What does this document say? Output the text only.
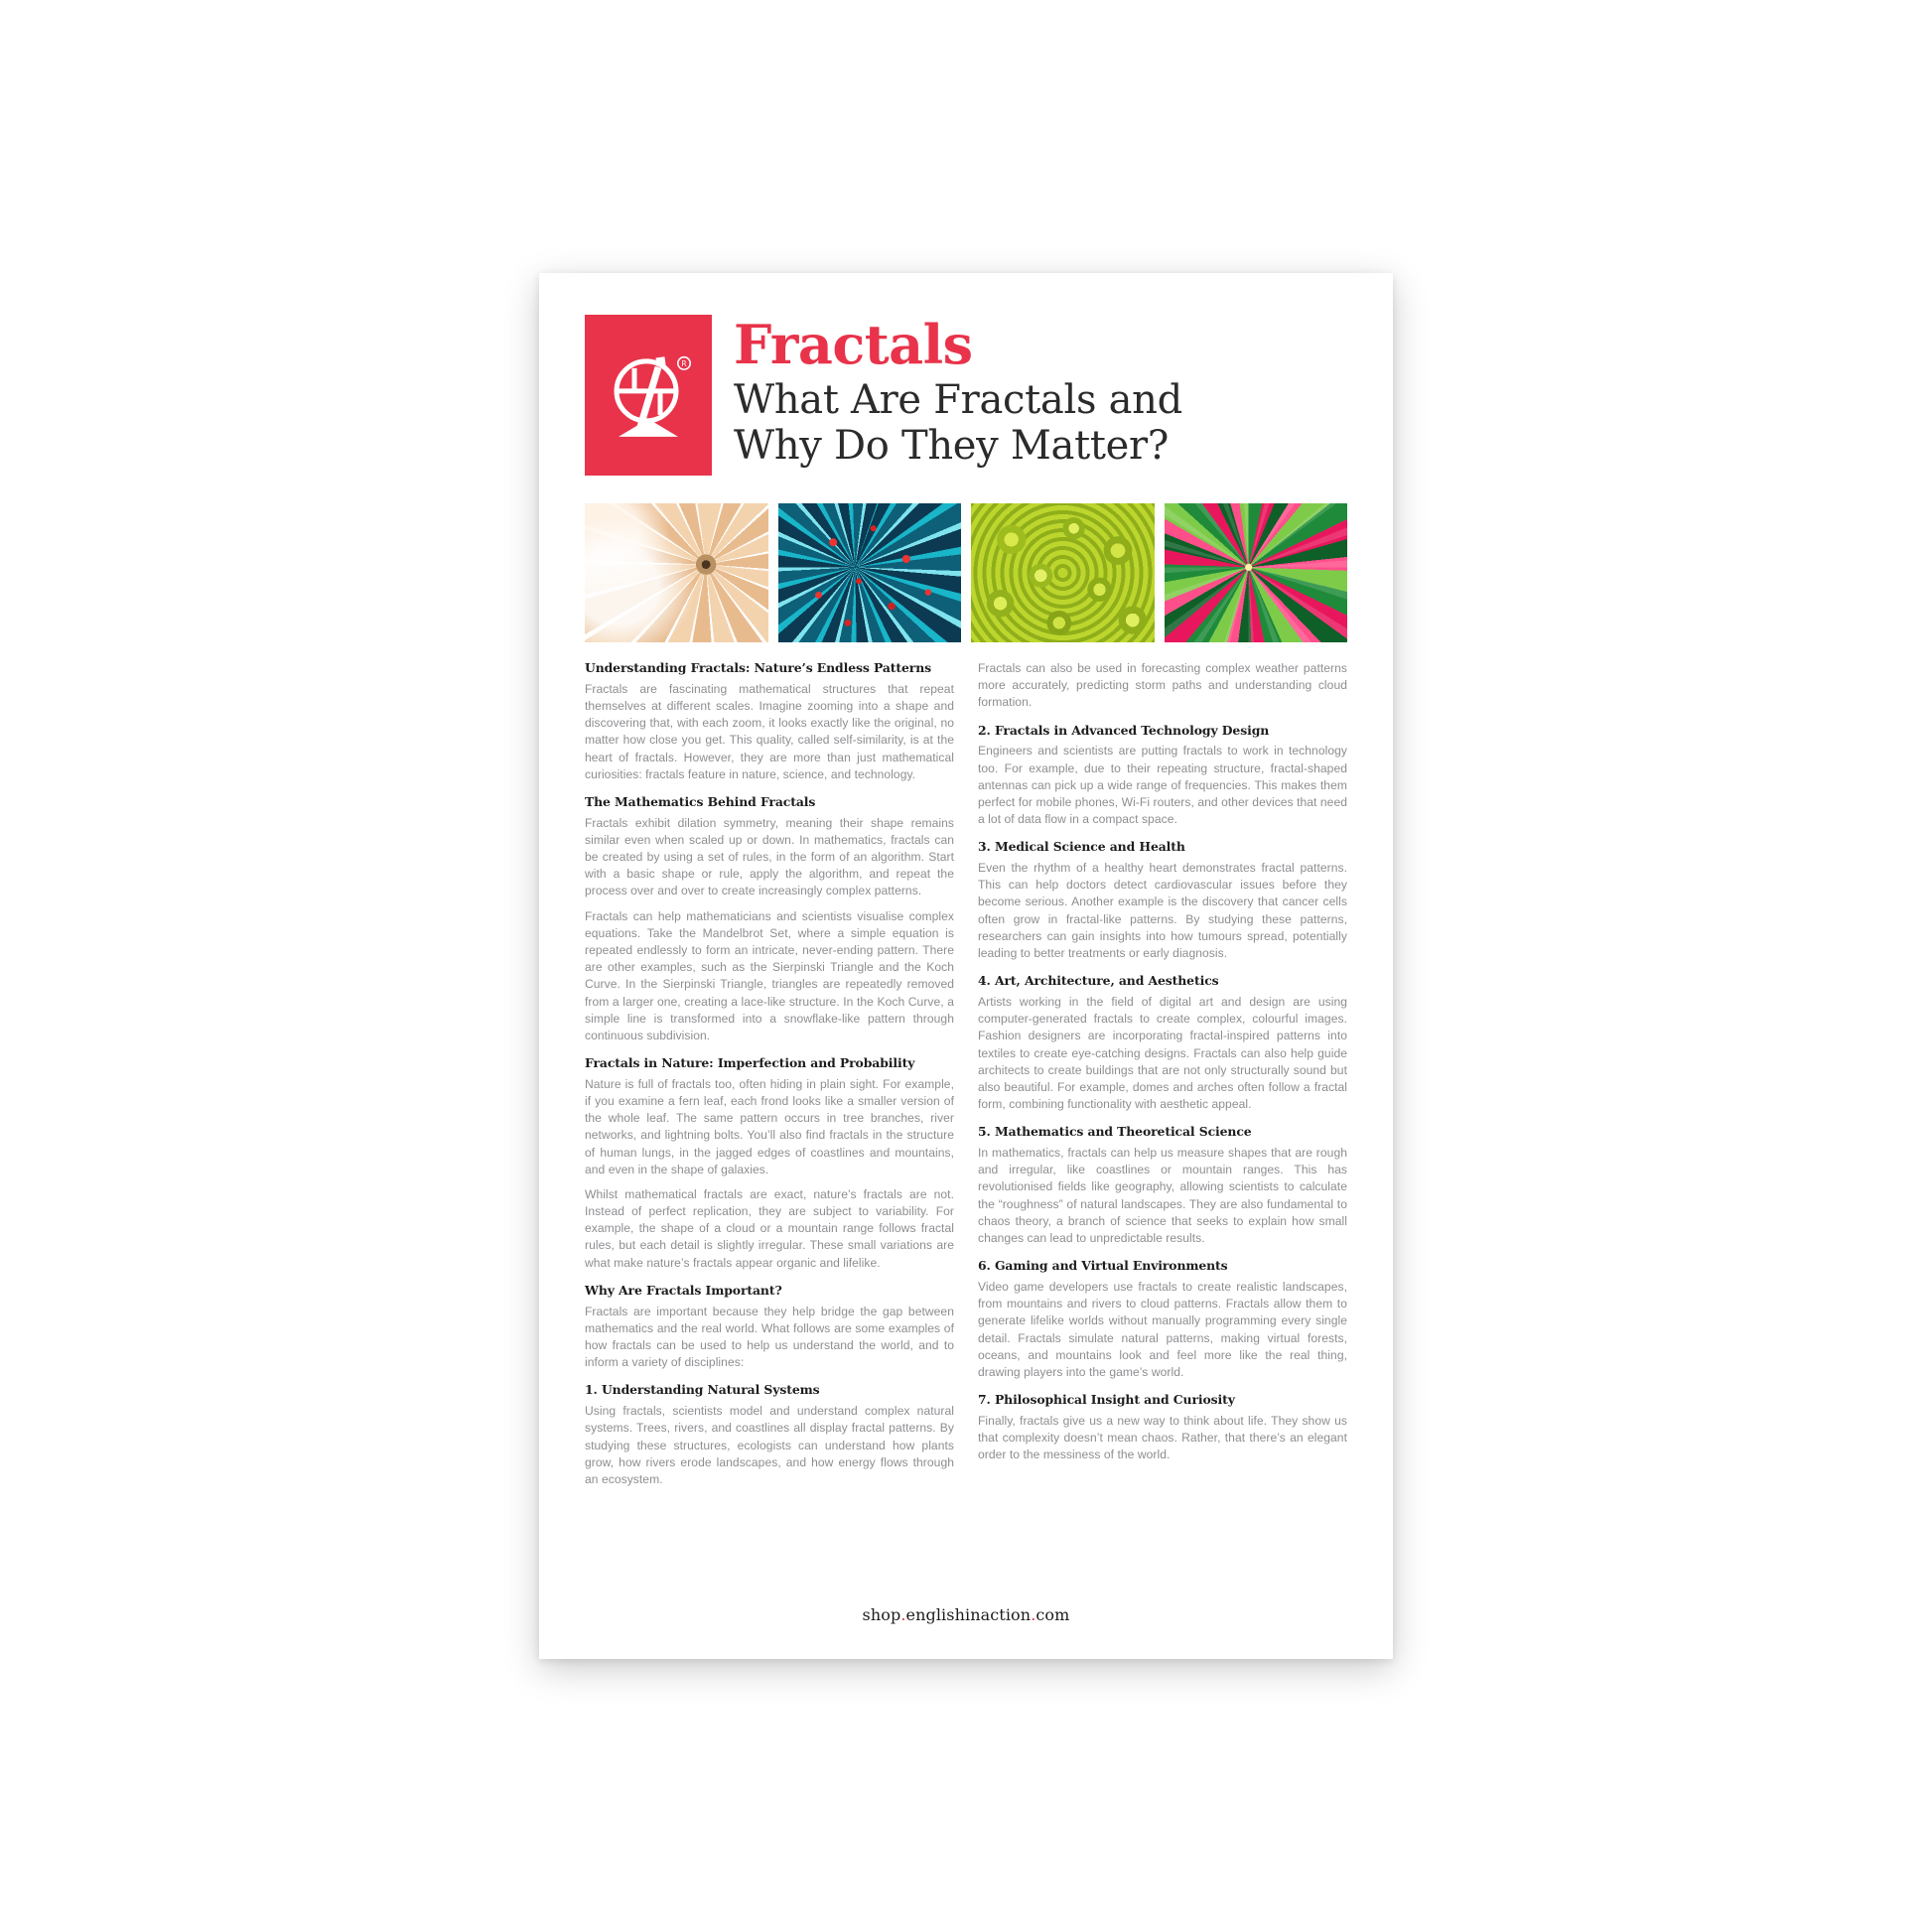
R Fractals
What Are Fractals and
Why Do They Matter?
Understanding Fractals: Nature’s Endless Patterns

Fractals are fascinating mathematical structures that repeat themselves at different scales. Imagine zooming into a shape and discovering that, with each zoom, it looks exactly like the original, no matter how close you get. This quality, called self-similarity, is at the heart of fractals. However, they are more than just mathematical curiosities: fractals feature in nature, science, and technology.

The Mathematics Behind Fractals

Fractals exhibit dilation symmetry, meaning their shape remains similar even when scaled up or down. In mathematics, fractals can be created by using a set of rules, in the form of an algorithm. Start with a basic shape or rule, apply the algorithm, and repeat the process over and over to create increasingly complex patterns.

Fractals can help mathematicians and scientists visualise complex equations. Take the Mandelbrot Set, where a simple equation is repeated endlessly to form an intricate, never-ending pattern. There are other examples, such as the Sierpinski Triangle and the Koch Curve. In the Sierpinski Triangle, triangles are repeatedly removed from a larger one, creating a lace-like structure. In the Koch Curve, a simple line is transformed into a snowflake-like pattern through continuous subdivision.

Fractals in Nature: Imperfection and Probability

Nature is full of fractals too, often hiding in plain sight. For example, if you examine a fern leaf, each frond looks like a smaller version of the whole leaf. The same pattern occurs in tree branches, river networks, and lightning bolts. You’ll also find fractals in the structure of human lungs, in the jagged edges of coastlines and mountains, and even in the shape of galaxies.

Whilst mathematical fractals are exact, nature’s fractals are not. Instead of perfect replication, they are subject to variability. For example, the shape of a cloud or a mountain range follows fractal rules, but each detail is slightly irregular. These small variations are what make nature’s fractals appear organic and lifelike.

Why Are Fractals Important?

Fractals are important because they help bridge the gap between mathematics and the real world. What follows are some examples of how fractals can be used to help us understand the world, and to inform a variety of disciplines:

1. Understanding Natural Systems

Using fractals, scientists model and understand complex natural systems. Trees, rivers, and coastlines all display fractal patterns. By studying these structures, ecologists can understand how plants grow, how rivers erode landscapes, and how energy flows through an ecosystem.

Fractals can also be used in forecasting complex weather patterns more accurately, predicting storm paths and understanding cloud formation.

2. Fractals in Advanced Technology Design

Engineers and scientists are putting fractals to work in technology too. For example, due to their repeating structure, fractal-shaped antennas can pick up a wide range of frequencies. This makes them perfect for mobile phones, Wi-Fi routers, and other devices that need a lot of data flow in a compact space.

3. Medical Science and Health

Even the rhythm of a healthy heart demonstrates fractal patterns. This can help doctors detect cardiovascular issues before they become serious. Another example is the discovery that cancer cells often grow in fractal-like patterns. By studying these patterns, researchers can gain insights into how tumours spread, potentially leading to better treatments or early diagnosis.

4. Art, Architecture, and Aesthetics

Artists working in the field of digital art and design are using computer-generated fractals to create complex, colourful images. Fashion designers are incorporating fractal-inspired patterns into textiles to create eye-catching designs. Fractals can also help guide architects to create buildings that are not only structurally sound but also beautiful. For example, domes and arches often follow a fractal form, combining functionality with aesthetic appeal.

5. Mathematics and Theoretical Science

In mathematics, fractals can help us measure shapes that are rough and irregular, like coastlines or mountain ranges. This has revolutionised fields like geography, allowing scientists to calculate the “roughness” of natural landscapes. They are also fundamental to chaos theory, a branch of science that seeks to explain how small changes can lead to unpredictable results.

6. Gaming and Virtual Environments

Video game developers use fractals to create realistic landscapes, from mountains and rivers to cloud patterns. Fractals allow them to generate lifelike worlds without manually programming every single detail. Fractals simulate natural patterns, making virtual forests, oceans, and mountains look and feel more like the real thing, drawing players into the game’s world.

7. Philosophical Insight and Curiosity

Finally, fractals give us a new way to think about life. They show us that complexity doesn’t mean chaos. Rather, that there’s an elegant order to the messiness of the world.

shop.englishinaction.com
